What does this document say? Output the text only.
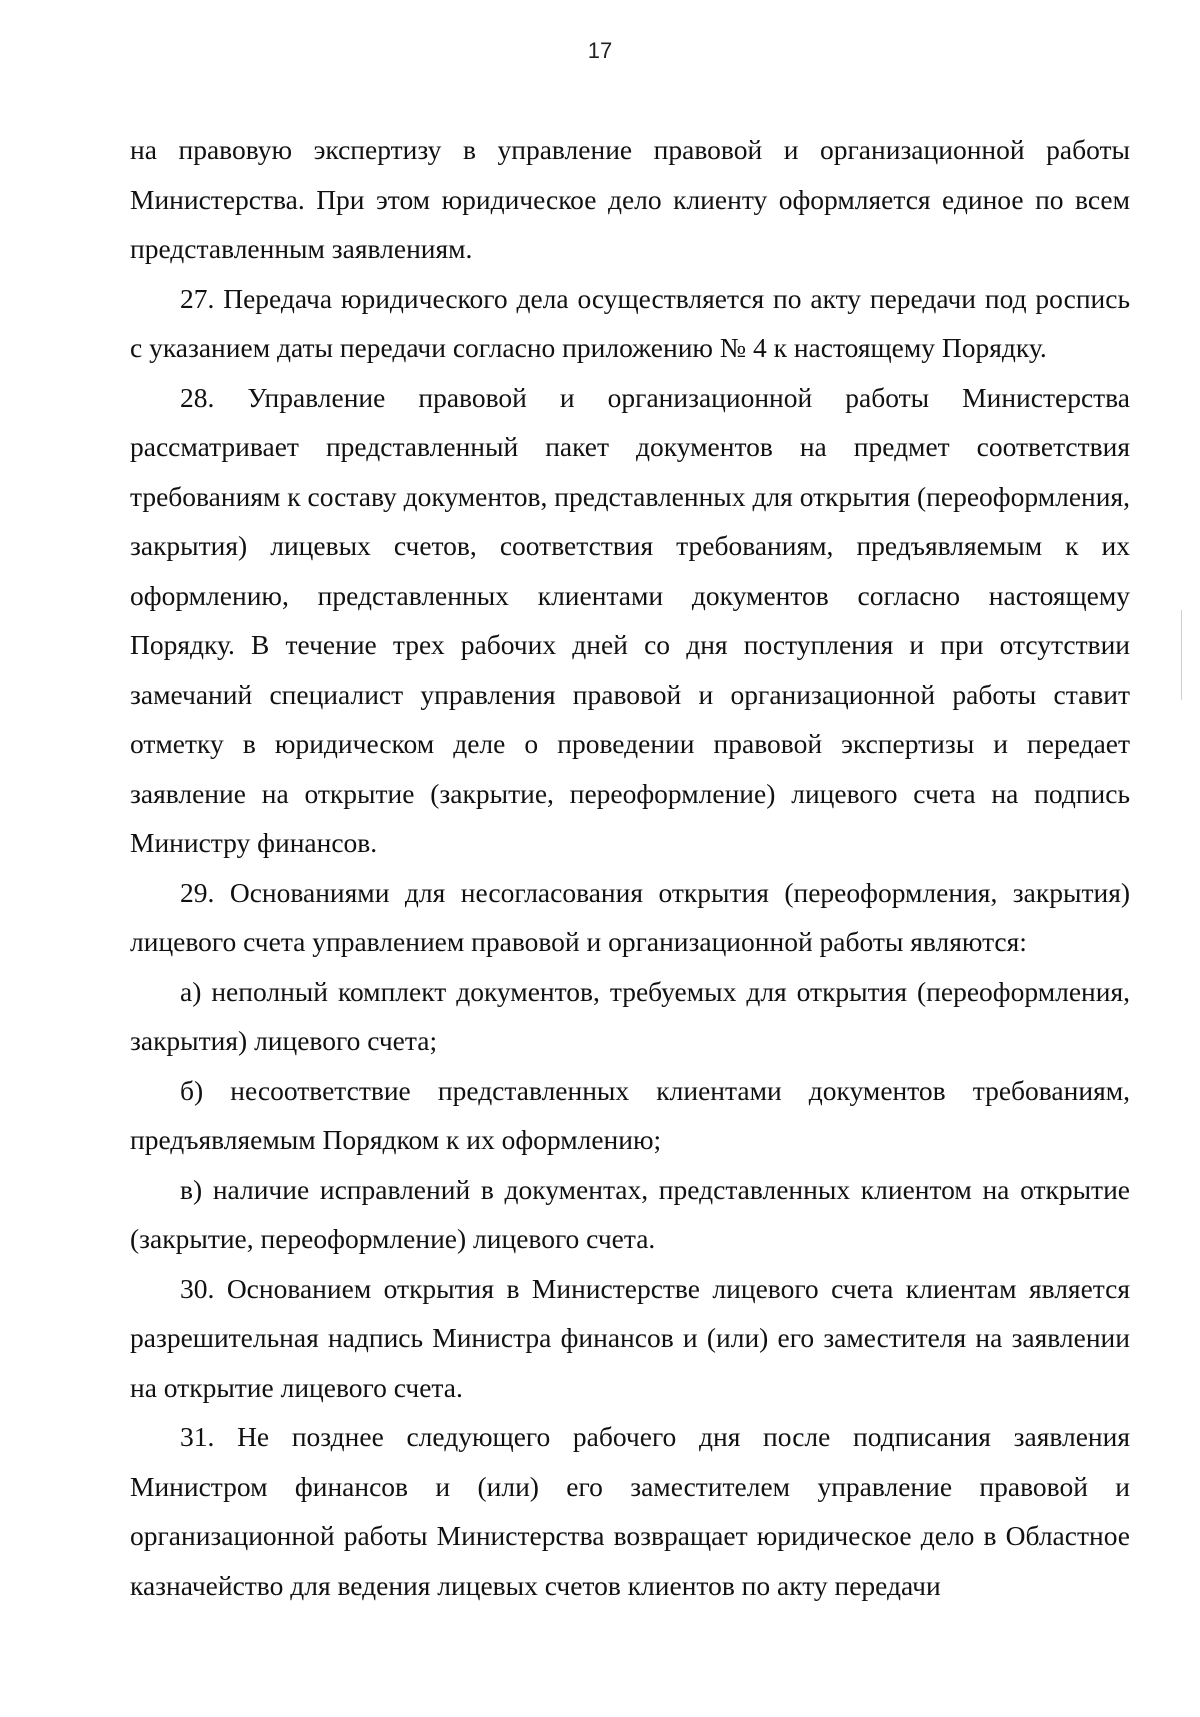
17

на правовую экспертизу в управление правовой и организационной работы Министерства. При этом юридическое дело клиенту оформляется единое по всем представленным заявлениям.

27. Передача юридического дела осуществляется по акту передачи под роспись с указанием даты передачи согласно приложению № 4 к настоящему Порядку.

28. Управление правовой и организационной работы Министерства рассматривает представленный пакет документов на предмет соответствия требованиям к составу документов, представленных для открытия (переоформления, закрытия) лицевых счетов, соответствия требованиям, предъявляемым к их оформлению, представленных клиентами документов согласно настоящему Порядку. В течение трех рабочих дней со дня поступления и при отсутствии замечаний специалист управления правовой и организационной работы ставит отметку в юридическом деле о проведении правовой экспертизы и передает заявление на открытие (закрытие, переоформление) лицевого счета на подпись Министру финансов.

29. Основаниями для несогласования открытия (переоформления, закрытия) лицевого счета управлением правовой и организационной работы являются:

а) неполный комплект документов, требуемых для открытия (переоформления, закрытия) лицевого счета;

б) несоответствие представленных клиентами документов требованиям, предъявляемым Порядком к их оформлению;

в) наличие исправлений в документах, представленных клиентом на открытие (закрытие, переоформление) лицевого счета.

30. Основанием открытия в Министерстве лицевого счета клиентам является разрешительная надпись Министра финансов и (или) его заместителя на заявлении на открытие лицевого счета.

31. Не позднее следующего рабочего дня после подписания заявления Министром финансов и (или) его заместителем управление правовой и организационной работы Министерства возвращает юридическое дело в Областное казначейство для ведения лицевых счетов клиентов по акту передачи
